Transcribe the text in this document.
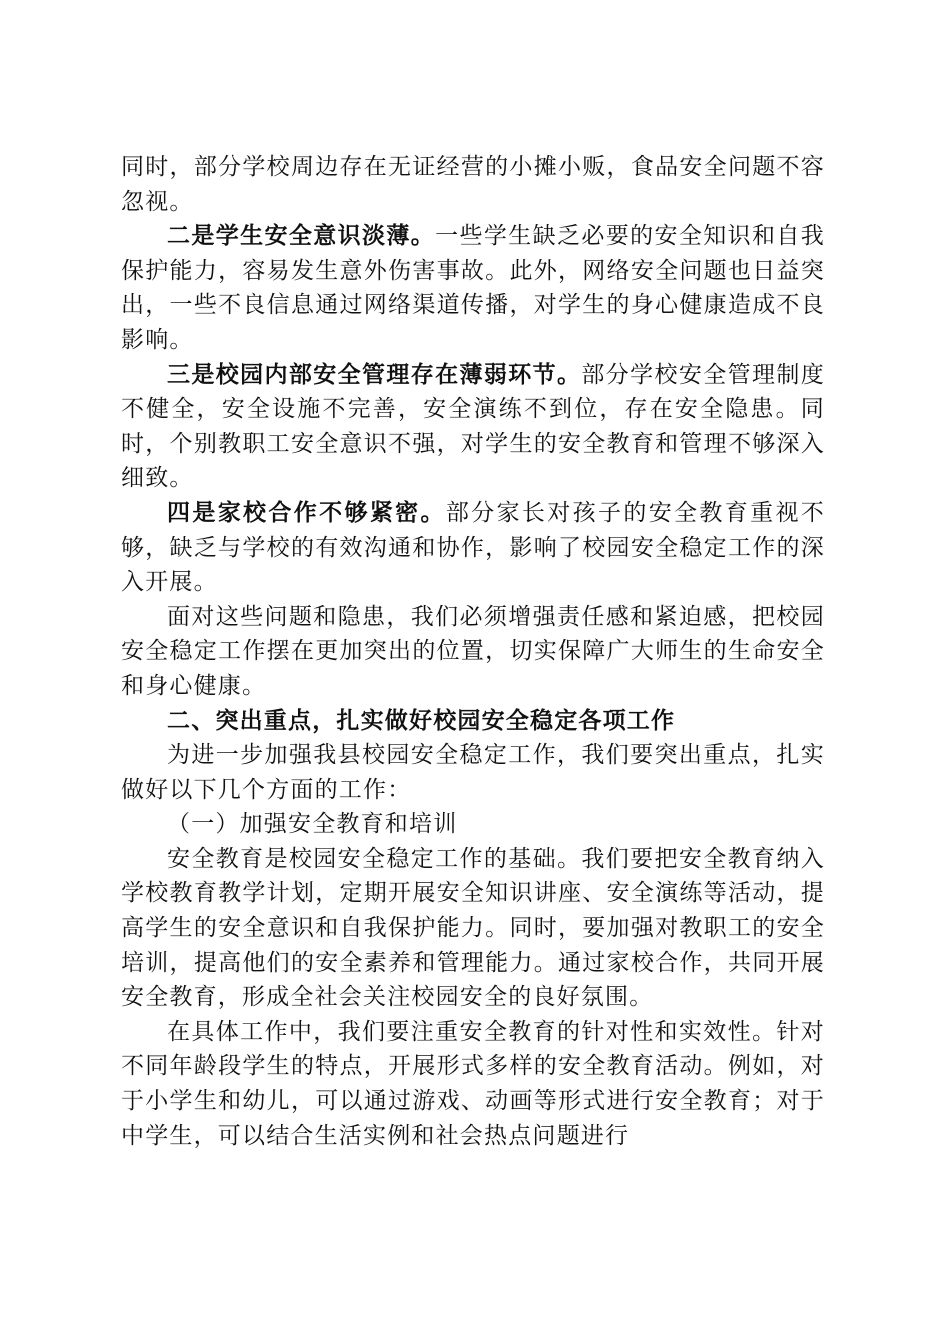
同时，部分学校周边存在无证经营的小摊小贩，食品安全问题不容忽视。

二是学生安全意识淡薄。一些学生缺乏必要的安全知识和自我保护能力，容易发生意外伤害事故。此外，网络安全问题也日益突出，一些不良信息通过网络渠道传播，对学生的身心健康造成不良影响。

三是校园内部安全管理存在薄弱环节。部分学校安全管理制度不健全，安全设施不完善，安全演练不到位，存在安全隐患。同时，个别教职工安全意识不强，对学生的安全教育和管理不够深入细致。

四是家校合作不够紧密。部分家长对孩子的安全教育重视不够，缺乏与学校的有效沟通和协作，影响了校园安全稳定工作的深入开展。

面对这些问题和隐患，我们必须增强责任感和紧迫感，把校园安全稳定工作摆在更加突出的位置，切实保障广大师生的生命安全和身心健康。

二、突出重点，扎实做好校园安全稳定各项工作

为进一步加强我县校园安全稳定工作，我们要突出重点，扎实做好以下几个方面的工作：

（一）加强安全教育和培训

安全教育是校园安全稳定工作的基础。我们要把安全教育纳入学校教育教学计划，定期开展安全知识讲座、安全演练等活动，提高学生的安全意识和自我保护能力。同时，要加强对教职工的安全培训，提高他们的安全素养和管理能力。通过家校合作，共同开展安全教育，形成全社会关注校园安全的良好氛围。

在具体工作中，我们要注重安全教育的针对性和实效性。针对不同年龄段学生的特点，开展形式多样的安全教育活动。例如，对于小学生和幼儿，可以通过游戏、动画等形式进行安全教育；对于中学生，可以结合生活实例和社会热点问题进行
